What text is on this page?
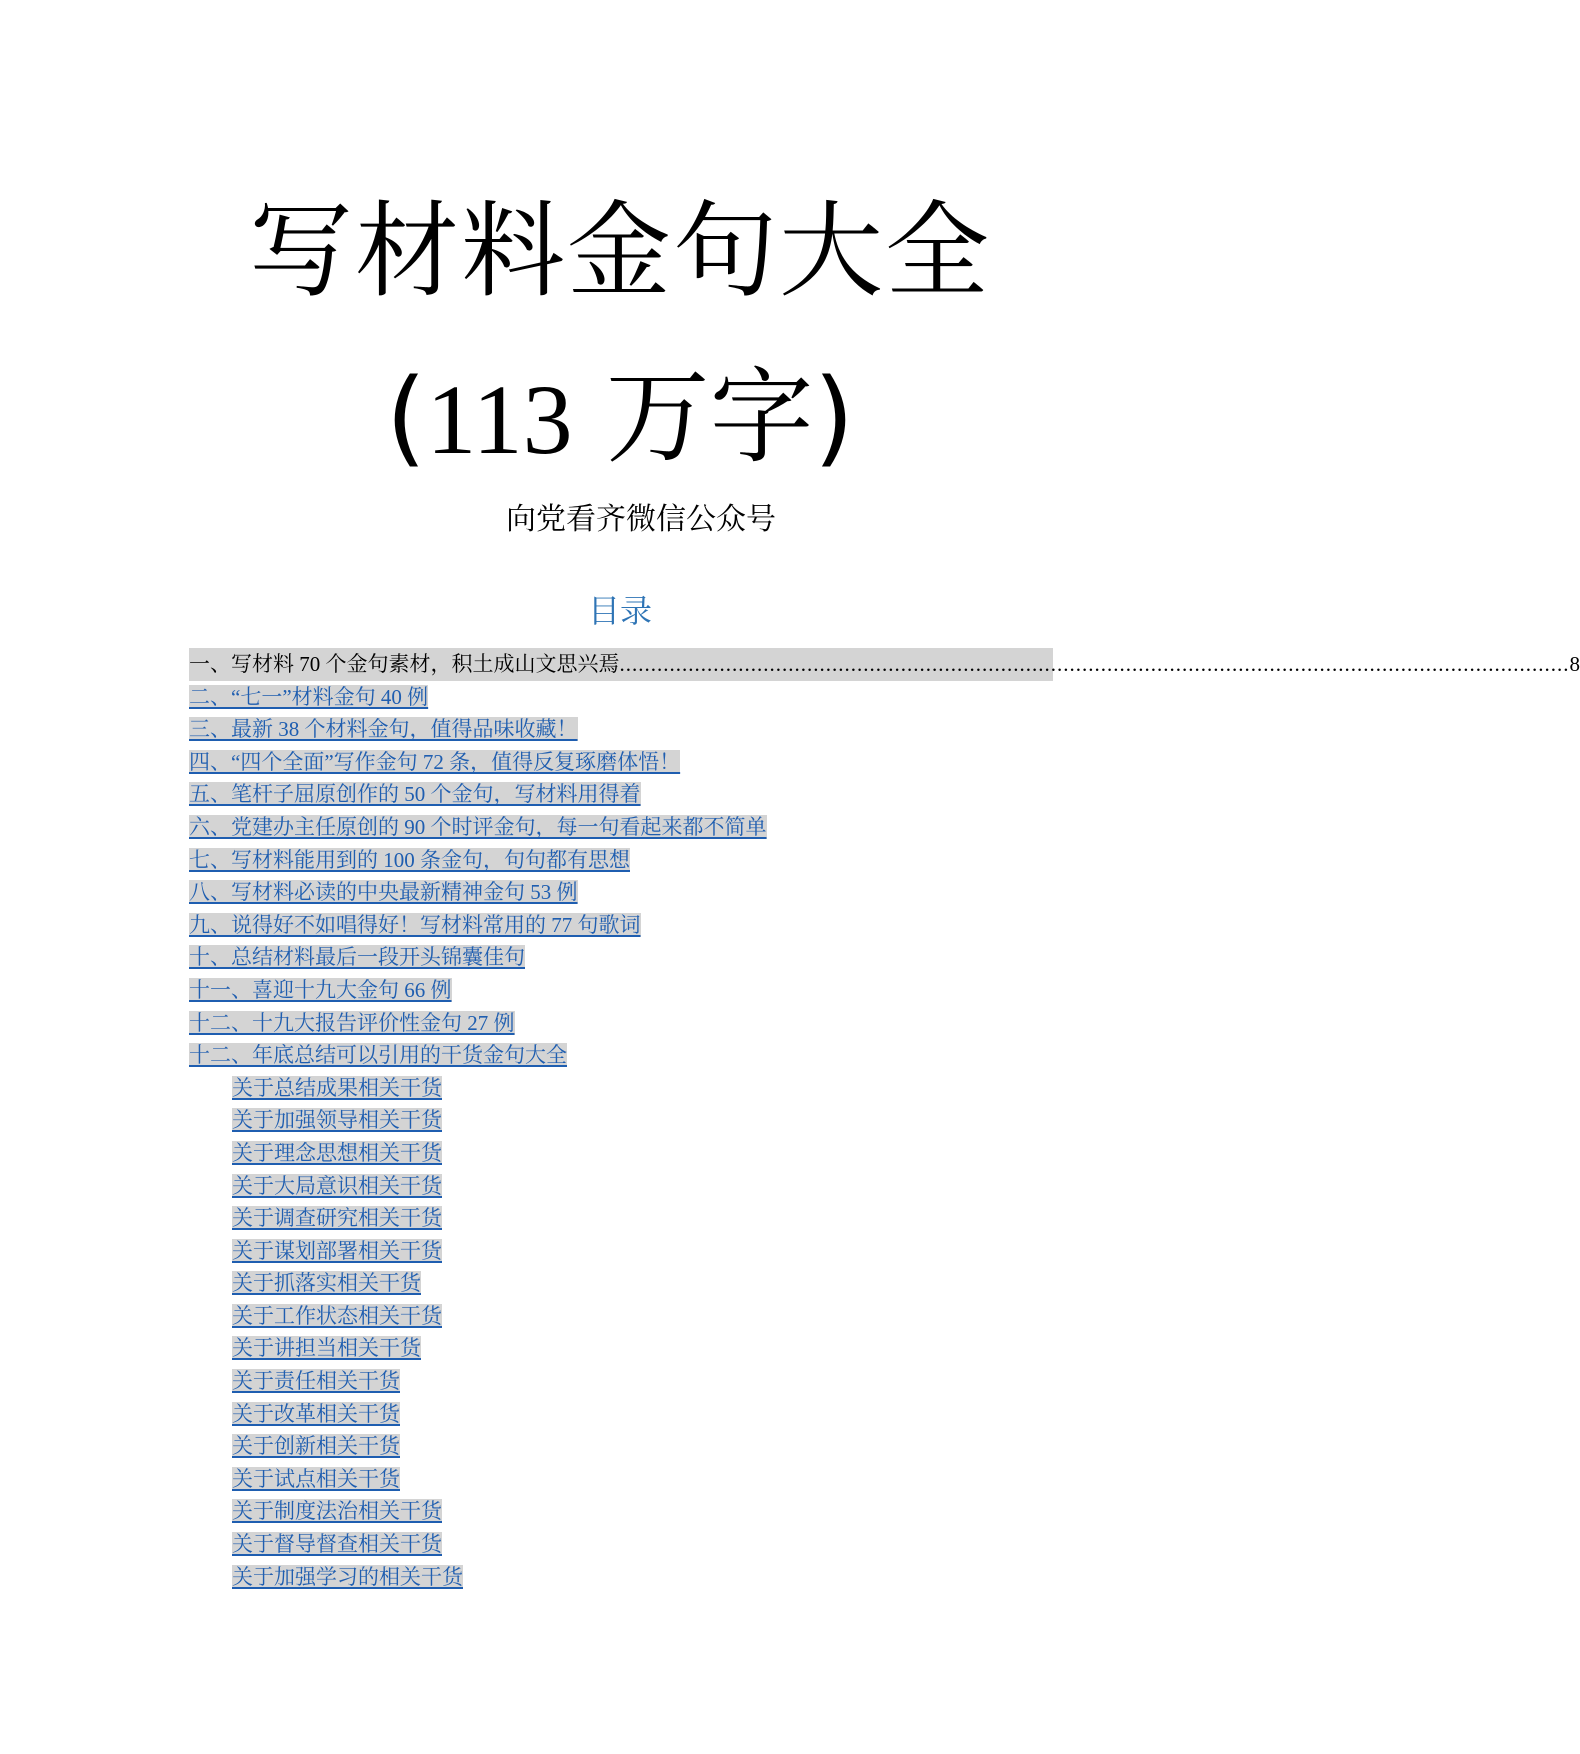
写材料金句大全
(113 万字)
向党看齐微信公众号
目录
一、写材料 70 个金句素材，积土成山文思兴焉 ........................................................................................................................................................ 8
二、“七一”材料金句 40 例
三、最新 38 个材料金句，值得品味收藏！
四、“四个全面”写作金句 72 条，值得反复琢磨体悟！
五、笔杆子屈原创作的 50 个金句，写材料用得着
六、党建办主任原创的 90 个时评金句，每一句看起来都不简单
七、写材料能用到的 100 条金句，句句都有思想
八、写材料必读的中央最新精神金句 53 例
九、说得好不如唱得好！写材料常用的 77 句歌词
十、总结材料最后一段开头锦囊佳句
十一、喜迎十九大金句 66 例
十二、十九大报告评价性金句 27 例
十二、年底总结可以引用的干货金句大全
关于总结成果相关干货
关于加强领导相关干货
关于理念思想相关干货
关于大局意识相关干货
关于调查研究相关干货
关于谋划部署相关干货
关于抓落实相关干货
关于工作状态相关干货
关于讲担当相关干货
关于责任相关干货
关于改革相关干货
关于创新相关干货
关于试点相关干货
关于制度法治相关干货
关于督导督查相关干货
关于加强学习的相关干货
